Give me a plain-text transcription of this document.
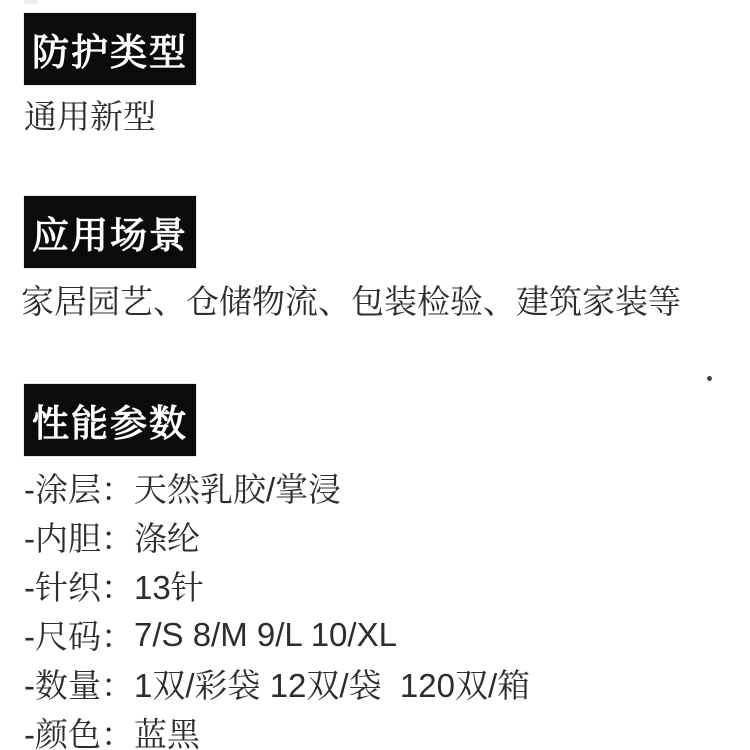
防护类型
通用新型
应用场景
家居园艺、仓储物流、包装检验、建筑家装等
性能参数
-涂层： 天然乳胶/掌浸
-内胆： 涤纶
-针织： 13针
-尺码： 7/S 8/M 9/L 10/XL
-数量： 1双/彩袋 12双/袋  120双/箱
-颜色： 蓝黑
